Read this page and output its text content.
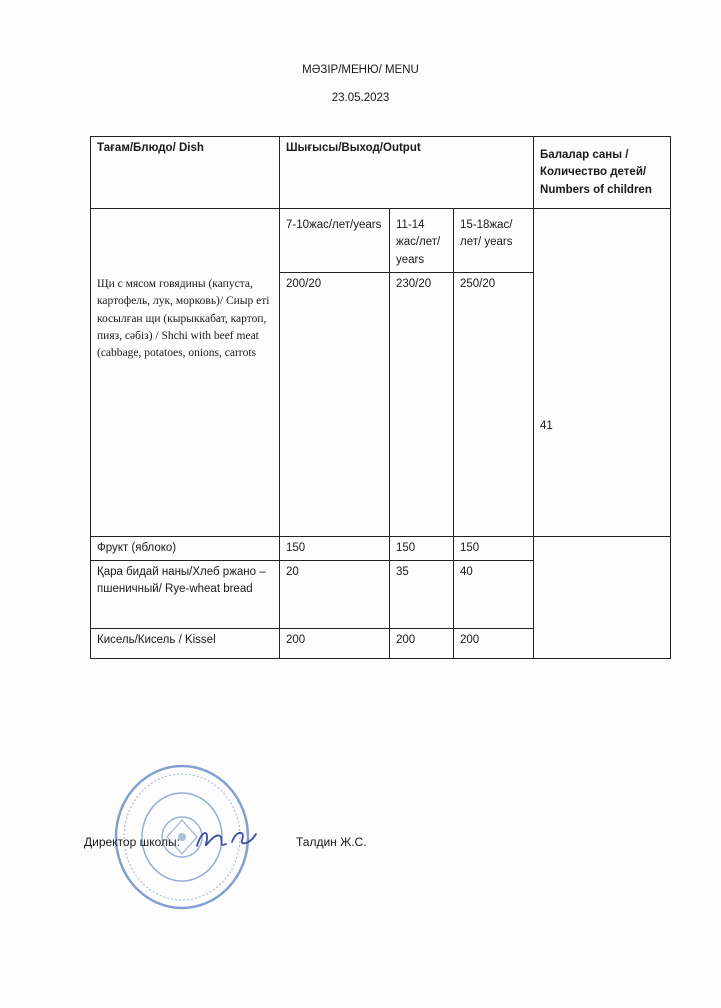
МӘЗІР/МЕНЮ/ MENU
23.05.2023
Тағам/Блюдо/ Dish	Шығысы/Выход/Output			Балалар саны /Количество детей/ Numbers of children

Щи с мясом говядины (капуста, картофель, лук, морковь)/ Сиыр еті косылған щи (кырыккабат, картоп, пияз, сәбіз) / Shchi with beef meat (cabbage, potatoes, onions, carrots	7-10жас/лет/years	11-14 жас/лет/ years	15-18жас/лет/ years	41
	200/20	230/20	250/20	
Фрукт (яблоко)	150	150	150	
Қара бидай наны/Хлеб ржано – пшеничный/ Rye-wheat bread	20	35	40	
Кисель/Кисель / Kissel	200	200	200	
Директор школы:	Талдин Ж.С.
